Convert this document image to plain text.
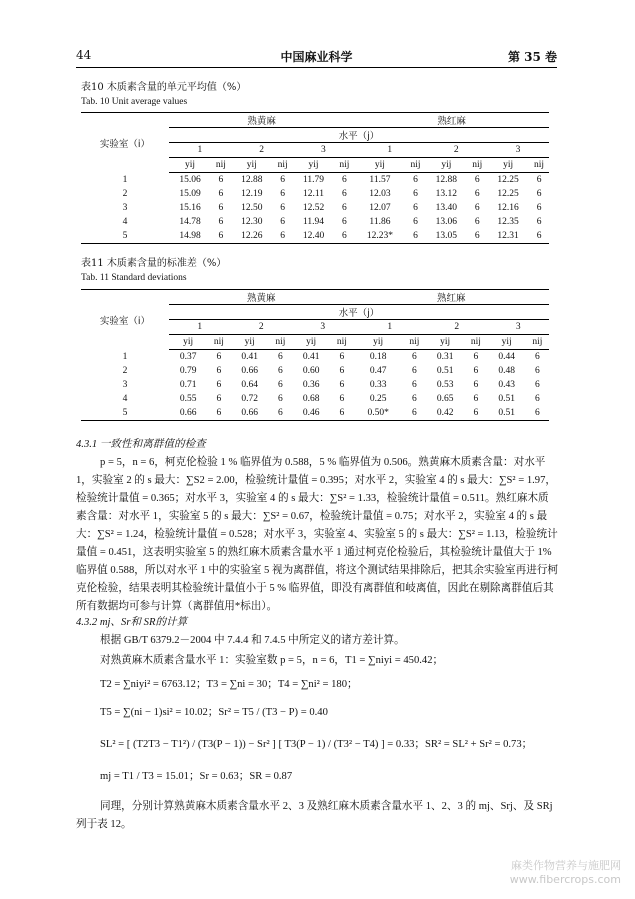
44	中国麻业科学	第 35 卷
表10 木质素含量的单元平均值（%）
Tab. 10 Unit average values
实验室（i）	熟黄麻						熟红麻					
	水平（j）											
	1		2		3		1		2		3	
	yij	nij	yij	nij	yij	nij	yij	nij	yij	nij	yij	nij
1	15.06	6	12.88	6	11.79	6	11.57	6	12.88	6	12.25	6
2	15.09	6	12.19	6	12.11	6	12.03	6	13.12	6	12.25	6
3	15.16	6	12.50	6	12.52	6	12.07	6	13.40	6	12.16	6
4	14.78	6	12.30	6	11.94	6	11.86	6	13.06	6	12.35	6
5	14.98	6	12.26	6	12.40	6	12.23*	6	13.05	6	12.31	6
表11 木质素含量的标准差（%）
Tab. 11 Standard deviations
实验室（i）	熟黄麻						熟红麻					
	水平（j）											
	1		2		3		1		2		3	
	yij	nij	yij	nij	yij	nij	yij	nij	yij	nij	yij	nij
1	0.37	6	0.41	6	0.41	6	0.18	6	0.31	6	0.44	6
2	0.79	6	0.66	6	0.60	6	0.47	6	0.51	6	0.48	6
3	0.71	6	0.64	6	0.36	6	0.33	6	0.53	6	0.43	6
4	0.55	6	0.72	6	0.68	6	0.25	6	0.65	6	0.51	6
5	0.66	6	0.66	6	0.46	6	0.50*	6	0.42	6	0.51	6

4.3.1 一致性和离群值的检查

p = 5，n = 6，柯克伦检验 1 % 临界值为 0.588，5 % 临界值为 0.506。熟黄麻木质素含量：对水平 1，实验室 2 的 s 最大：∑S2 = 2.00，检验统计量值 = 0.395；对水平 2，实验室 4 的 s 最大：∑S² = 1.97，检验统计量值 = 0.365；对水平 3，实验室 4 的 s 最大：∑S² = 1.33，检验统计量值 = 0.511。熟红麻木质素含量：对水平 1，实验室 5 的 s 最大：∑S² = 0.67，检验统计量值 = 0.75；对水平 2，实验室 4 的 s 最大：∑S² = 1.24，检验统计量值 = 0.528；对水平 3，实验室 4、实验室 5 的 s 最大：∑S² = 1.13，检验统计量值 = 0.451，这表明实验室 5 的熟红麻木质素含量水平 1 通过柯克伦检验后，其检验统计量值大于 1% 临界值 0.588，所以对水平 1 中的实验室 5 视为离群值，将这个测试结果排除后，把其余实验室再进行柯克伦检验，结果表明其检验统计量值小于 5 % 临界值，即没有离群值和岐离值，因此在剔除离群值后其所有数据均可参与计算（离群值用*标出）。

4.3.2 mj、Sr和 SR的计算

根据 GB/T 6379.2－2004 中 7.4.4 和 7.4.5 中所定义的诸方差计算。

对熟黄麻木质素含量水平 1：实验室数 p = 5，n = 6，T1 = ∑niyi = 450.42；

T2 = ∑niyi² = 6763.12；T3 = ∑ni = 30；T4 = ∑ni² = 180；

T5 = ∑(ni − 1)si² = 10.02；Sr² = T5 / (T3 − P) = 0.40

SL² = [ (T2T3 − T1²) / (T3(P − 1)) − Sr² ] [ T3(P − 1) / (T3² − T4) ] = 0.33；SR² = SL² + Sr² = 0.73；

mj = T1 / T3 = 15.01；Sr = 0.63；SR = 0.87

同理，分别计算熟黄麻木质素含量水平 2、3 及熟红麻木质素含量水平 1、2、3 的 mj、Srj、及 SRj 列于表 12。

麻类作物营养与施肥网
www.fibercrops.com
